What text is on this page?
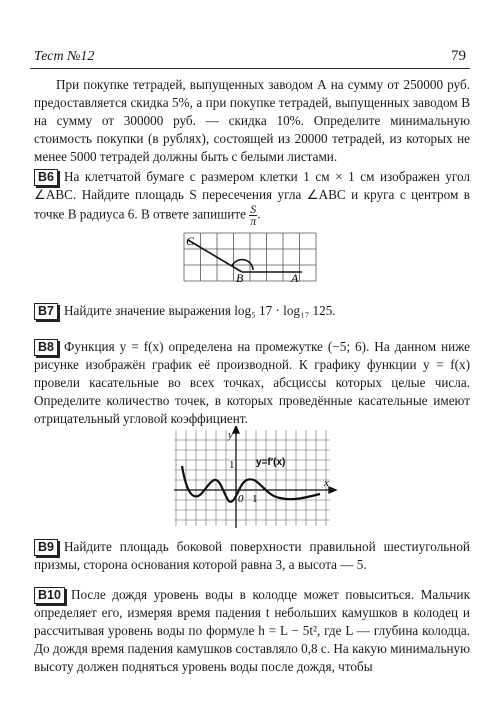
Тест №12	79
При покупке тетрадей, выпущенных заводом А на сумму от 250000 руб. предоставляется скидка 5%, а при покупке тетрадей, выпущенных заводом В на сумму от 300000 руб. — скидка 10%. Определите минимальную стоимость покупки (в рублях), состоящей из 20000 тетрадей, из которых не менее 5000 тетрадей должны быть с белыми листами.
B6 На клетчатой бумаге с размером клетки 1 см × 1 см изображен угол ∠ABC. Найдите площадь S пересечения угла ∠ABC и круга с центром в точке B радиуса 6. В ответе запишите $\frac{S}{\pi}$ .
C
B	A
B7 Найдите значение выражения log₅ 17 · log₁₇ 125.
B8 Функция y = f(x) определена на промежутке (−5; 6). На данном ниже рисунке изображён график её производной. К графику функции y = f(x) провели касательные во всех точках, абсциссы которых целые числа. Определите количество точек, в которых проведённые касательные имеют отрицательный угловой коэффициент.
y
x
y=f′(x)
1
0 1
B9 Найдите площадь боковой поверхности правильной шестиугольной призмы, сторона основания которой равна 3, а высота — 5.
B10 После дождя уровень воды в колодце может повыситься. Мальчик определяет его, измеряя время падения t небольших камушков в колодец и рассчитывая уровень воды по формуле h = L − 5t², где L — глубина колодца. До дождя время падения камушков составляло 0,8 c. На какую минимальную высоту должен подняться уровень воды после дождя, чтобы
